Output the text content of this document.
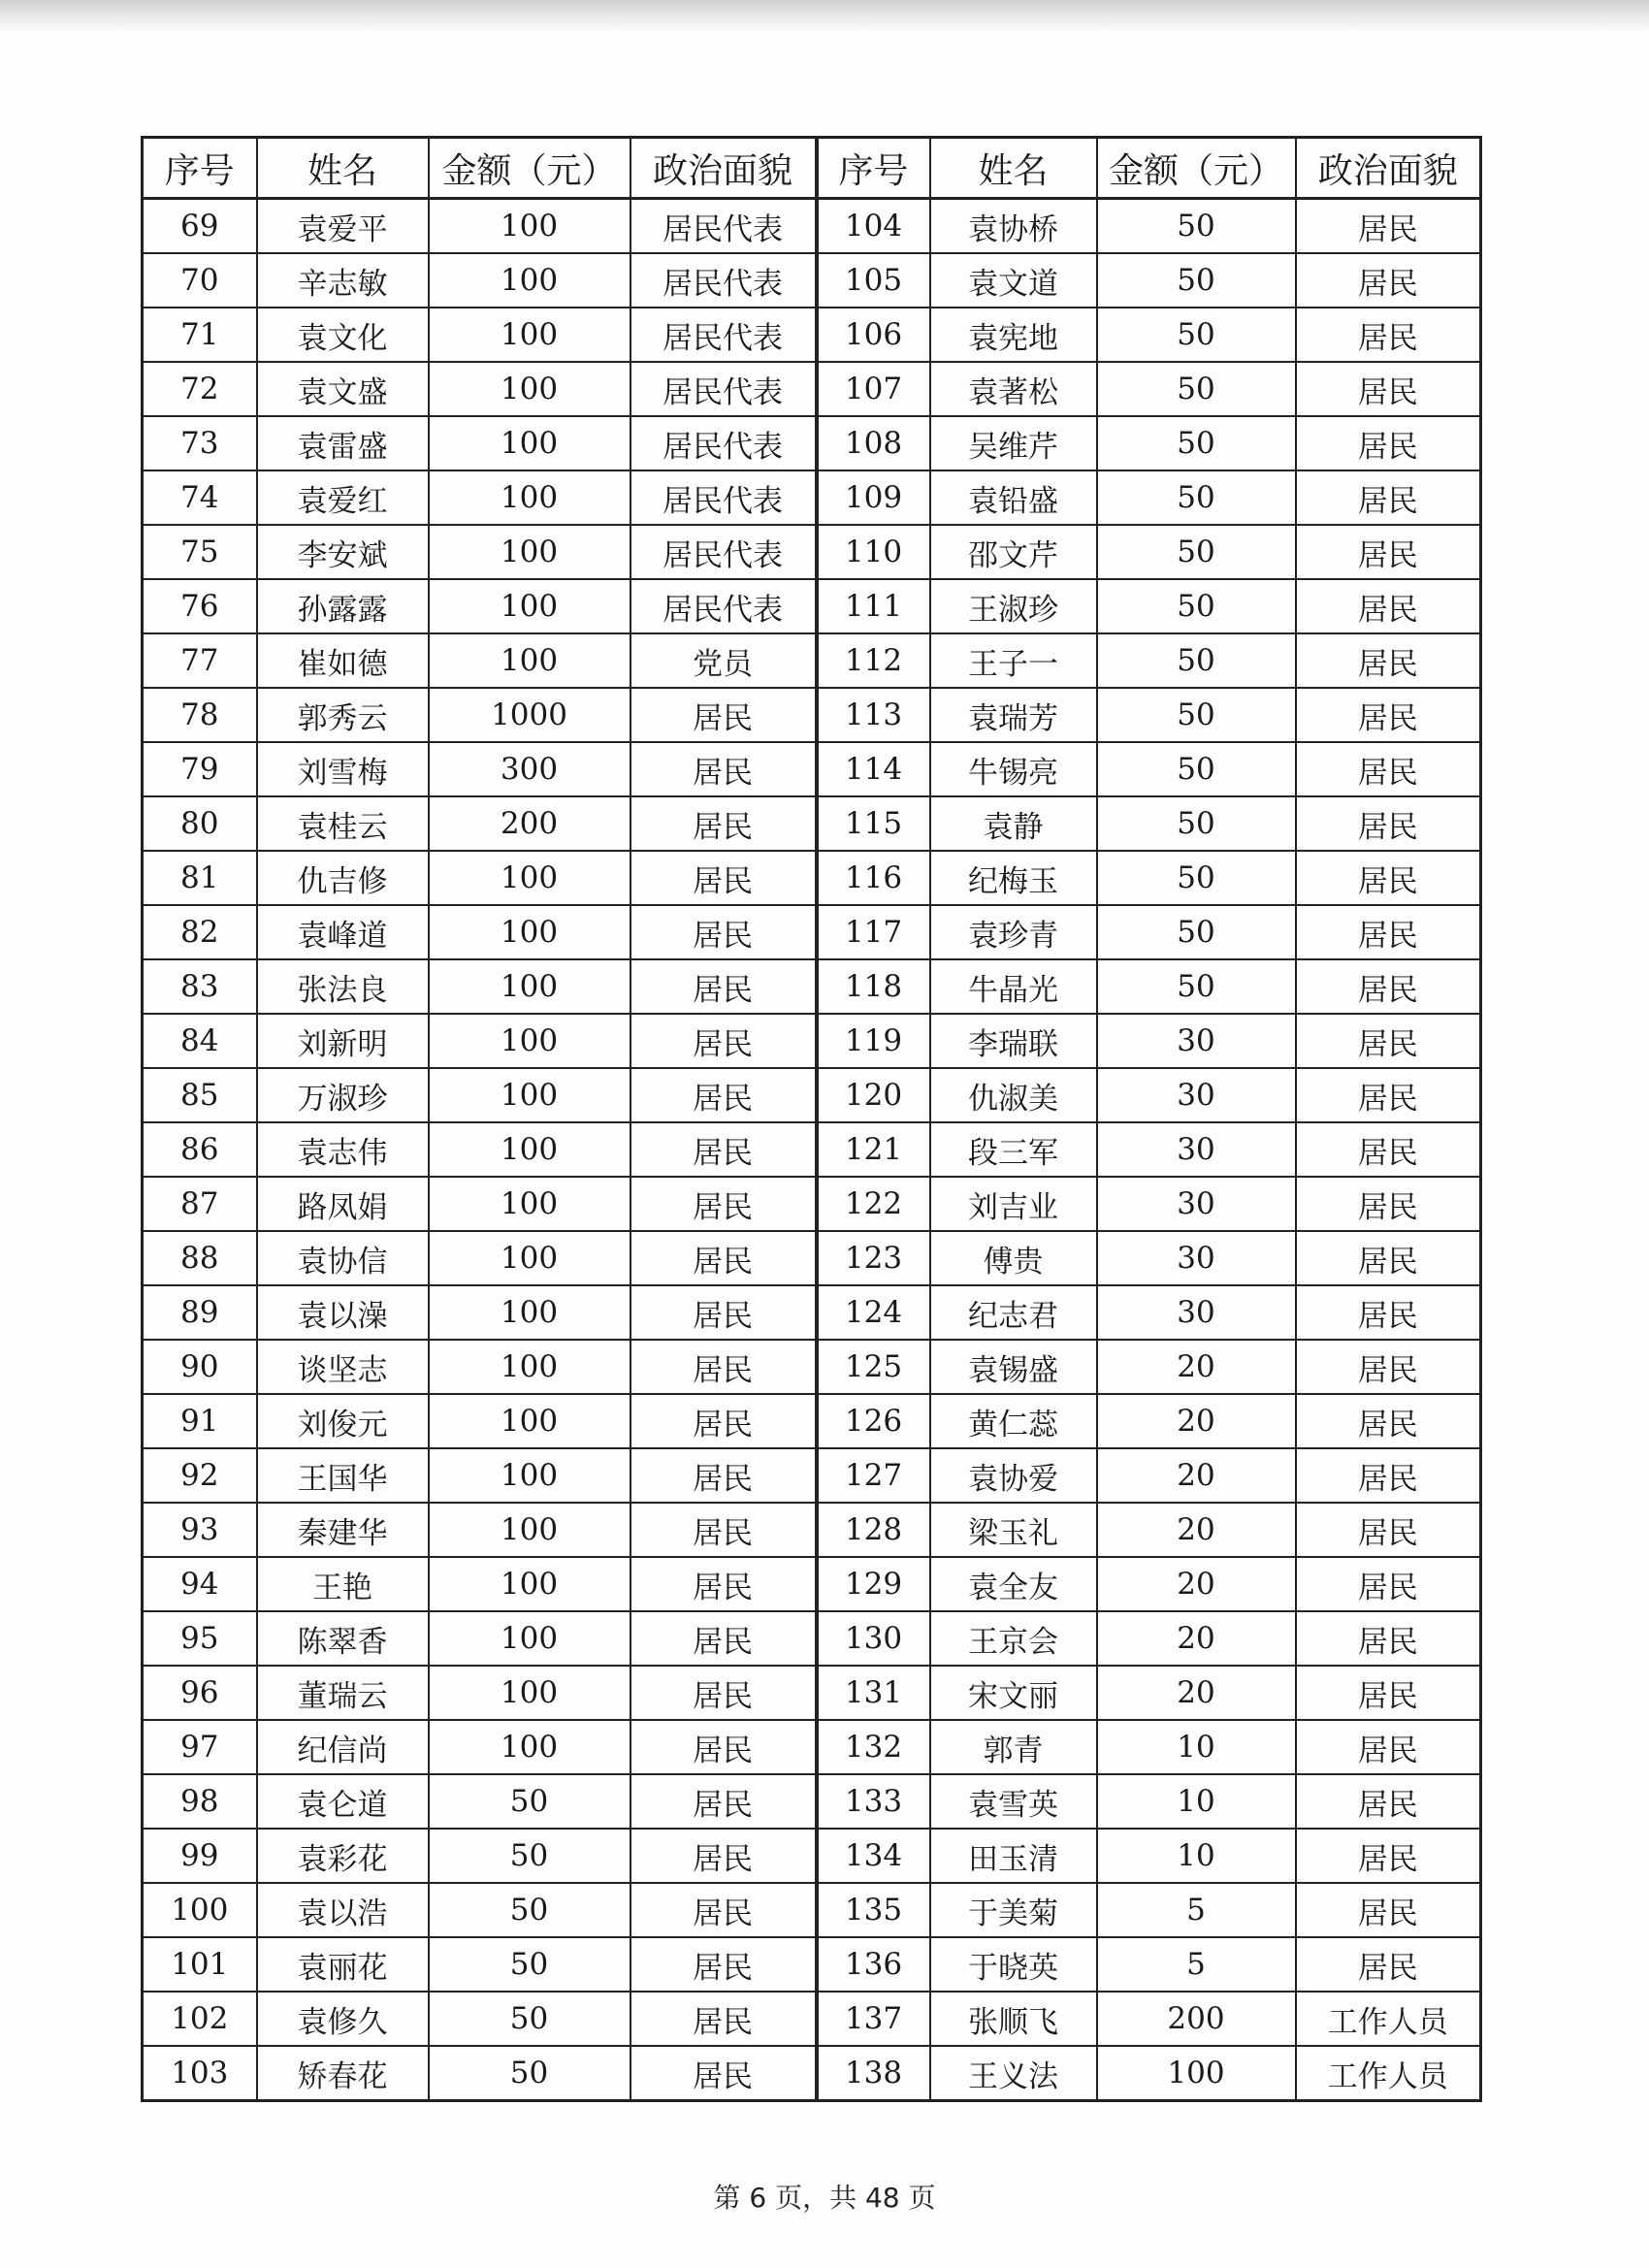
序号	姓名	金额（元）	政治面貌	序号	姓名	金额（元）	政治面貌
69	袁爱平	100	居民代表	104	袁协桥	50	居民
70	辛志敏	100	居民代表	105	袁文道	50	居民
71	袁文化	100	居民代表	106	袁宪地	50	居民
72	袁文盛	100	居民代表	107	袁著松	50	居民
73	袁雷盛	100	居民代表	108	吴维芹	50	居民
74	袁爱红	100	居民代表	109	袁铅盛	50	居民
75	李安斌	100	居民代表	110	邵文芹	50	居民
76	孙露露	100	居民代表	111	王淑珍	50	居民
77	崔如德	100	党员	112	王子一	50	居民
78	郭秀云	1000	居民	113	袁瑞芳	50	居民
79	刘雪梅	300	居民	114	牛锡亮	50	居民
80	袁桂云	200	居民	115	袁静	50	居民
81	仇吉修	100	居民	116	纪梅玉	50	居民
82	袁峰道	100	居民	117	袁珍青	50	居民
83	张法良	100	居民	118	牛晶光	50	居民
84	刘新明	100	居民	119	李瑞联	30	居民
85	万淑珍	100	居民	120	仇淑美	30	居民
86	袁志伟	100	居民	121	段三军	30	居民
87	路凤娟	100	居民	122	刘吉业	30	居民
88	袁协信	100	居民	123	傅贵	30	居民
89	袁以澡	100	居民	124	纪志君	30	居民
90	谈坚志	100	居民	125	袁锡盛	20	居民
91	刘俊元	100	居民	126	黄仁蕊	20	居民
92	王国华	100	居民	127	袁协爱	20	居民
93	秦建华	100	居民	128	梁玉礼	20	居民
94	王艳	100	居民	129	袁全友	20	居民
95	陈翠香	100	居民	130	王京会	20	居民
96	董瑞云	100	居民	131	宋文丽	20	居民
97	纪信尚	100	居民	132	郭青	10	居民
98	袁仑道	50	居民	133	袁雪英	10	居民
99	袁彩花	50	居民	134	田玉清	10	居民
100	袁以浩	50	居民	135	于美菊	5	居民
101	袁丽花	50	居民	136	于晓英	5	居民
102	袁修久	50	居民	137	张顺飞	200	工作人员
103	矫春花	50	居民	138	王义法	100	工作人员
第 6 页，共 48 页
